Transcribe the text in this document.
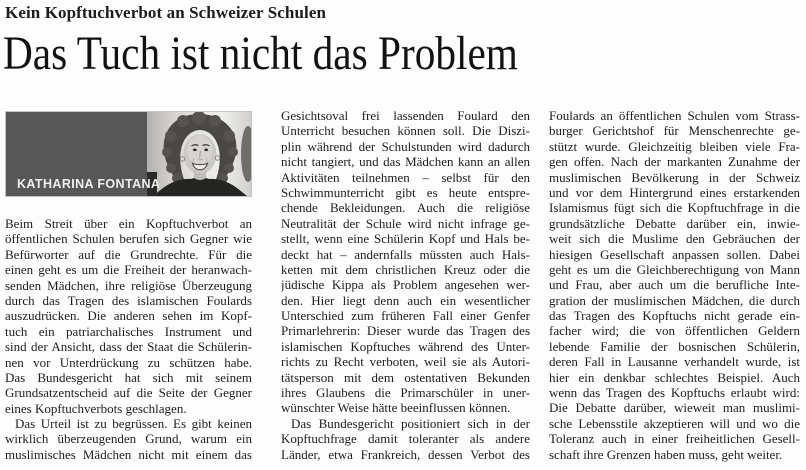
Kein Kopftuchverbot an Schweizer Schulen
Das Tuch ist nicht das Problem
KATHARINA FONTANA
Beim Streit über ein Kopftuchverbot an
öffentlichen Schulen berufen sich Gegner wie
Befürworter auf die Grundrechte. Für die
einen geht es um die Freiheit der heranwach-
senden Mädchen, ihre religiöse Überzeugung
durch das Tragen des islamischen Foulards
auszudrücken. Die anderen sehen im Kopf-
tuch ein patriarchalisches Instrument und
sind der Ansicht, dass der Staat die Schülerin-
nen vor Unterdrückung zu schützen habe.
Das Bundesgericht hat sich mit seinem
Grundsatzentscheid auf die Seite der Gegner
eines Kopftuchverbots geschlagen.
Das Urteil ist zu begrüssen. Es gibt keinen
wirklich überzeugenden Grund, warum ein
muslimisches Mädchen nicht mit einem das
Gesichtsoval frei lassenden Foulard den
Unterricht besuchen können soll. Die Diszi-
plin während der Schulstunden wird dadurch
nicht tangiert, und das Mädchen kann an allen
Aktivitäten teilnehmen – selbst für den
Schwimmunterricht gibt es heute entspre-
chende Bekleidungen. Auch die religiöse
Neutralität der Schule wird nicht infrage ge-
stellt, wenn eine Schülerin Kopf und Hals be-
deckt hat – andernfalls müssten auch Hals-
ketten mit dem christlichen Kreuz oder die
jüdische Kippa als Problem angesehen wer-
den. Hier liegt denn auch ein wesentlicher
Unterschied zum früheren Fall einer Genfer
Primarlehrerin: Dieser wurde das Tragen des
islamischen Kopftuches während des Unter-
richts zu Recht verboten, weil sie als Autori-
tätsperson mit dem ostentativen Bekunden
ihres Glaubens die Primarschüler in uner-
wünschter Weise hätte beeinflussen können.
Das Bundesgericht positioniert sich in der
Kopftuchfrage damit toleranter als andere
Länder, etwa Frankreich, dessen Verbot des
Foulards an öffentlichen Schulen vom Strass-
burger Gerichtshof für Menschenrechte ge-
stützt wurde. Gleichzeitig bleiben viele Fra-
gen offen. Nach der markanten Zunahme der
muslimischen Bevölkerung in der Schweiz
und vor dem Hintergrund eines erstarkenden
Islamismus fügt sich die Kopftuchfrage in die
grundsätzliche Debatte darüber ein, inwie-
weit sich die Muslime den Gebräuchen der
hiesigen Gesellschaft anpassen sollen. Dabei
geht es um die Gleichberechtigung von Mann
und Frau, aber auch um die berufliche Inte-
gration der muslimischen Mädchen, die durch
das Tragen des Kopftuchs nicht gerade ein-
facher wird; die von öffentlichen Geldern
lebende Familie der bosnischen Schülerin,
deren Fall in Lausanne verhandelt wurde, ist
hier ein denkbar schlechtes Beispiel. Auch
wenn das Tragen des Kopftuchs erlaubt wird:
Die Debatte darüber, wieweit man muslimi-
sche Lebensstile akzeptieren will und wo die
Toleranz auch in einer freiheitlichen Gesell-
schaft ihre Grenzen haben muss, geht weiter.
